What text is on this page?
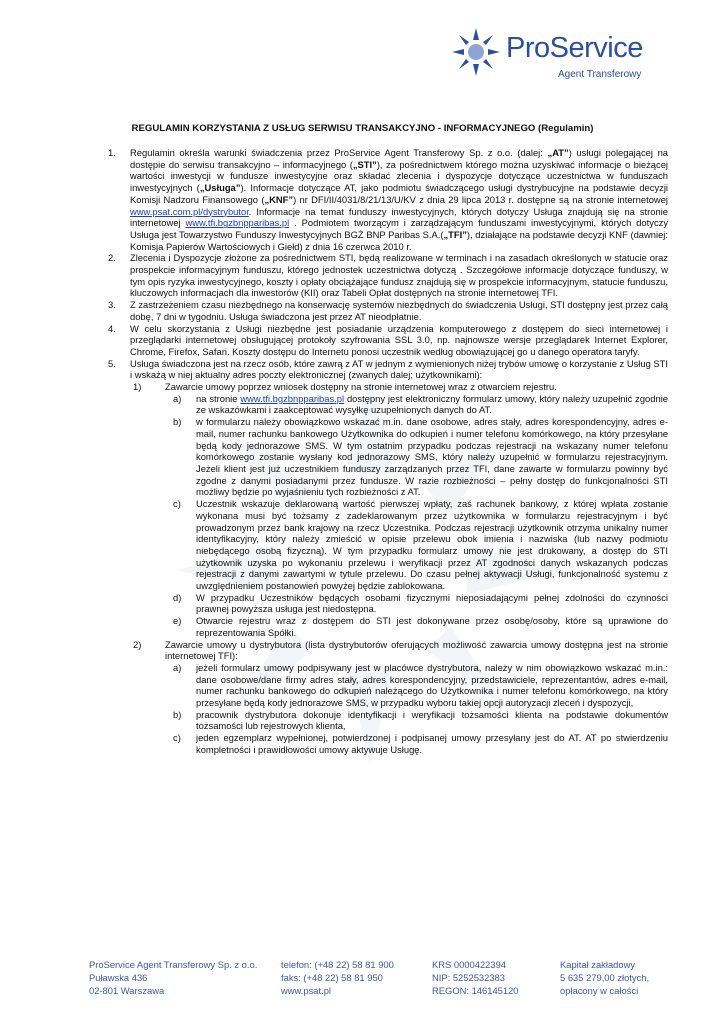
ProService
Agent Transferowy
REGULAMIN KORZYSTANIA Z USŁUG SERWISU TRANSAKCYJNO - INFORMACYJNEGO (Regulamin)
1. Regulamin określa warunki świadczenia przez ProService Agent Transferowy Sp. z o.o. (dalej: „AT”) usługi polegającej na dostępie do serwisu transakcyjno – informacyjnego („STI”), za pośrednictwem którego można uzyskiwać informacje o bieżącej wartości inwestycji w fundusze inwestycyjne oraz składać zlecenia i dyspozycje dotyczące uczestnictwa w funduszach inwestycyjnych („Usługa”). Informacje dotyczące AT, jako podmiotu świadczącego usługi dystrybucyjne na podstawie decyzji Komisji Nadzoru Finansowego („KNF”) nr DFI/II/4031/8/21/13/U/KV z dnia 29 lipca 2013 r. dostępne są na stronie internetowej www.psat.com.pl/dystrybutor. Informacje na temat funduszy inwestycyjnych, których dotyczy Usługa znajdują się na stronie internetowej www.tfi.bgzbnpparibas.pl . Podmiotem tworzącym i zarządzającym funduszami inwestycyjnymi, których dotyczy Usługa jest Towarzystwo Funduszy Inwestycyjnych BGŻ BNP Paribas S.A.(„TFI”), działające na podstawie decyzji KNF (dawniej: Komisja Papierów Wartościowych i Giełd) z dnia 16 czerwca 2010 r.
2. Zlecenia i Dyspozycje złożone za pośrednictwem STI, będą realizowane w terminach i na zasadach określonych w statucie oraz prospekcie informacyjnym funduszu, którego jednostek uczestnictwa dotyczą . Szczegółowe informacje dotyczące funduszy, w tym opis ryzyka inwestycyjnego, koszty i opłaty obciążające fundusz znajdują się w prospekcie informacyjnym, statucie funduszu, kluczowych informacjach dla inwestorów (KII) oraz Tabeli Opłat dostępnych na stronie internetowej TFI.
3. Z zastrzeżeniem czasu niezbędnego na konserwację systemów niezbędnych do świadczenia Usługi, STI dostępny jest przez całą dobę, 7 dni w tygodniu. Usługa świadczona jest przez AT nieodpłatnie.
4. W celu skorzystania z Usługi niezbędne jest posiadanie urządzenia komputerowego z dostępem do sieci internetowej i przeglądarki internetowej obsługującej protokoły szyfrowania SSL 3.0, np. najnowsze wersje przeglądarek Internet Explorer, Chrome, Firefox, Safari. Koszty dostępu do Internetu ponosi uczestnik według obowiązującej go u danego operatora taryfy.
5. Usługa świadczona jest na rzecz osób, które zawrą z AT w jednym z wymienionych niżej trybów umowę o korzystanie z Usług STI i wskażą w niej aktualny adres poczty elektronicznej (zwanych dalej; użytkownikami):
1)	Zawarcie umowy poprzez wniosek dostępny na stronie internetowej wraz z otwarciem rejestru.
a) na stronie www.tfi.bgzbnpparibas.pl dostępny jest elektroniczny formularz umowy, który należy uzupełnić zgodnie ze wskazówkami i zaakceptować wysyłkę uzupełnionych danych do AT.
b) w formularzu należy obowiązkowo wskazać m.in. dane osobowe, adres stały, adres korespondencyjny, adres e-mail, numer rachunku bankowego Użytkownika do odkupień i numer telefonu komórkowego, na który przesyłane będą kody jednorazowe SMS. W tym ostatnim przypadku podczas rejestracji na wskazany numer telefonu komórkowego zostanie wysłany kod jednorazowy SMS, który należy uzupełnić w formularzu rejestracyjnym. Jeżeli klient jest już uczestnikiem funduszy zarządzanych przez TFI, dane zawarte w formularzu powinny być zgodne z danymi posiadanymi przez fundusze. W razie rozbieżności – pełny dostęp do funkcjonalności STI możliwy będzie po wyjaśnieniu tych rozbieżności z AT.
c) Uczestnik wskazuje deklarowaną wartość pierwszej wpłaty, zaś rachunek bankowy, z której wpłata zostanie wykonana musi być tożsamy z zadeklarowanym przez użytkownika w formularzu rejestracyjnym i być prowadzonym przez bank krajowy na rzecz Uczestnika. Podczas rejestracji użytkownik otrzyma unikalny numer identyfikacyjny, który należy zmieścić w opisie przelewu obok imienia i nazwiska (lub nazwy podmiotu niebędącego osobą fizyczną). W tym przypadku formularz umowy nie jest drukowany, a dostęp do STI użytkownik uzyska po wykonaniu przelewu i weryfikacji przez AT zgodności danych wskazanych podczas rejestracji z danymi zawartymi w tytule przelewu. Do czasu pełnej aktywacji Usługi, funkcjonalność systemu z uwzględnieniem postanowień powyżej będzie zablokowana.
d) W przypadku Uczestników będących osobami fizycznymi nieposiadającymi pełnej zdolności do czynności prawnej powyższa usługa jest niedostępna.
e) Otwarcie rejestru wraz z dostępem do STI jest dokonywane przez osobę/osoby, które są uprawione do reprezentowania Spółki.
2)	Zawarcie umowy u dystrybutora (lista dystrybutorów oferujących możliwość zawarcia umowy dostępna jest na stronie internetowej TFI):
a) jeżeli formularz umowy podpisywany jest w placówce dystrybutora, należy w nim obowiązkowo wskazać m.in.: dane osobowe/dane firmy adres stały, adres korespondencyjny, przedstawiciele, reprezentantów, adres e-mail, numer rachunku bankowego do odkupień należącego do Użytkownika i numer telefonu komórkowego, na który przesyłane będą kody jednorazowe SMS, w przypadku wyboru takiej opcji autoryzacji zleceń i dyspozycji,
b) pracownik dystrybutora dokonuje identyfikacji i weryfikacji tożsamości klienta na podstawie dokumentów tożsamości lub rejestrowych klienta,
c) jeden egzemplarz wypełnionej, potwierdzonej i podpisanej umowy przesyłany jest do AT. AT po stwierdzeniu kompletności i prawidłowości umowy aktywuje Usługę.
ProService Agent Transferowy Sp. z o.o.
Puławska 436
02-801 Warszawa
telefon: (+48 22) 58 81 900
faks: (+48 22) 58 81 950
www.psat.pl
KRS 0000422394
NIP: 5252532383
REGON: 146145120
Kapitał zakładowy
5 635 279,00 złotych,
opłacony w całości
